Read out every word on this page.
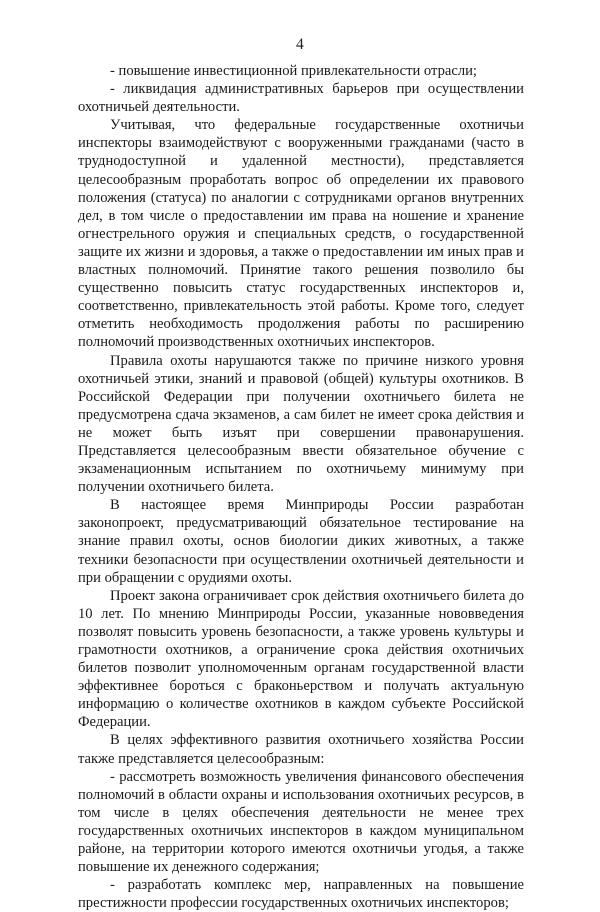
4

- повышение инвестиционной привлекательности отрасли;

- ликвидация административных барьеров при осуществлении охотничьей деятельности.

Учитывая, что федеральные государственные охотничьи инспекторы взаимодействуют с вооруженными гражданами (часто в труднодоступной и удаленной местности), представляется целесообразным проработать вопрос об определении их правового положения (статуса) по аналогии с сотрудниками органов внутренних дел, в том числе о предоставлении им права на ношение и хранение огнестрельного оружия и специальных средств, о государственной защите их жизни и здоровья, а также о предоставлении им иных прав и властных полномочий. Принятие такого решения позволило бы существенно повысить статус государственных инспекторов и, соответственно, привлекательность этой работы. Кроме того, следует отметить необходимость продолжения работы по расширению полномочий производственных охотничьих инспекторов.

Правила охоты нарушаются также по причине низкого уровня охотничьей этики, знаний и правовой (общей) культуры охотников. В Российской Федерации при получении охотничьего билета не предусмотрена сдача экзаменов, а сам билет не имеет срока действия и не может быть изъят при совершении правонарушения. Представляется целесообразным ввести обязательное обучение с экзаменационным испытанием по охотничьему минимуму при получении охотничьего билета.

В настоящее время Минприроды России разработан законопроект, предусматривающий обязательное тестирование на знание правил охоты, основ биологии диких животных, а также техники безопасности при осуществлении охотничьей деятельности и при обращении с орудиями охоты.

Проект закона ограничивает срок действия охотничьего билета до 10 лет. По мнению Минприроды России, указанные нововведения позволят повысить уровень безопасности, а также уровень культуры и грамотности охотников, а ограничение срока действия охотничьих билетов позволит уполномоченным органам государственной власти эффективнее бороться с браконьерством и получать актуальную информацию о количестве охотников в каждом субъекте Российской Федерации.

В целях эффективного развития охотничьего хозяйства России также представляется целесообразным:

- рассмотреть возможность увеличения финансового обеспечения полномочий в области охраны и использования охотничьих ресурсов, в том числе в целях обеспечения деятельности не менее трех государственных охотничьих инспекторов в каждом муниципальном районе, на территории которого имеются охотничьи угодья, а также повышение их денежного содержания;

- разработать комплекс мер, направленных на повышение престижности профессии государственных охотничьих инспекторов;
